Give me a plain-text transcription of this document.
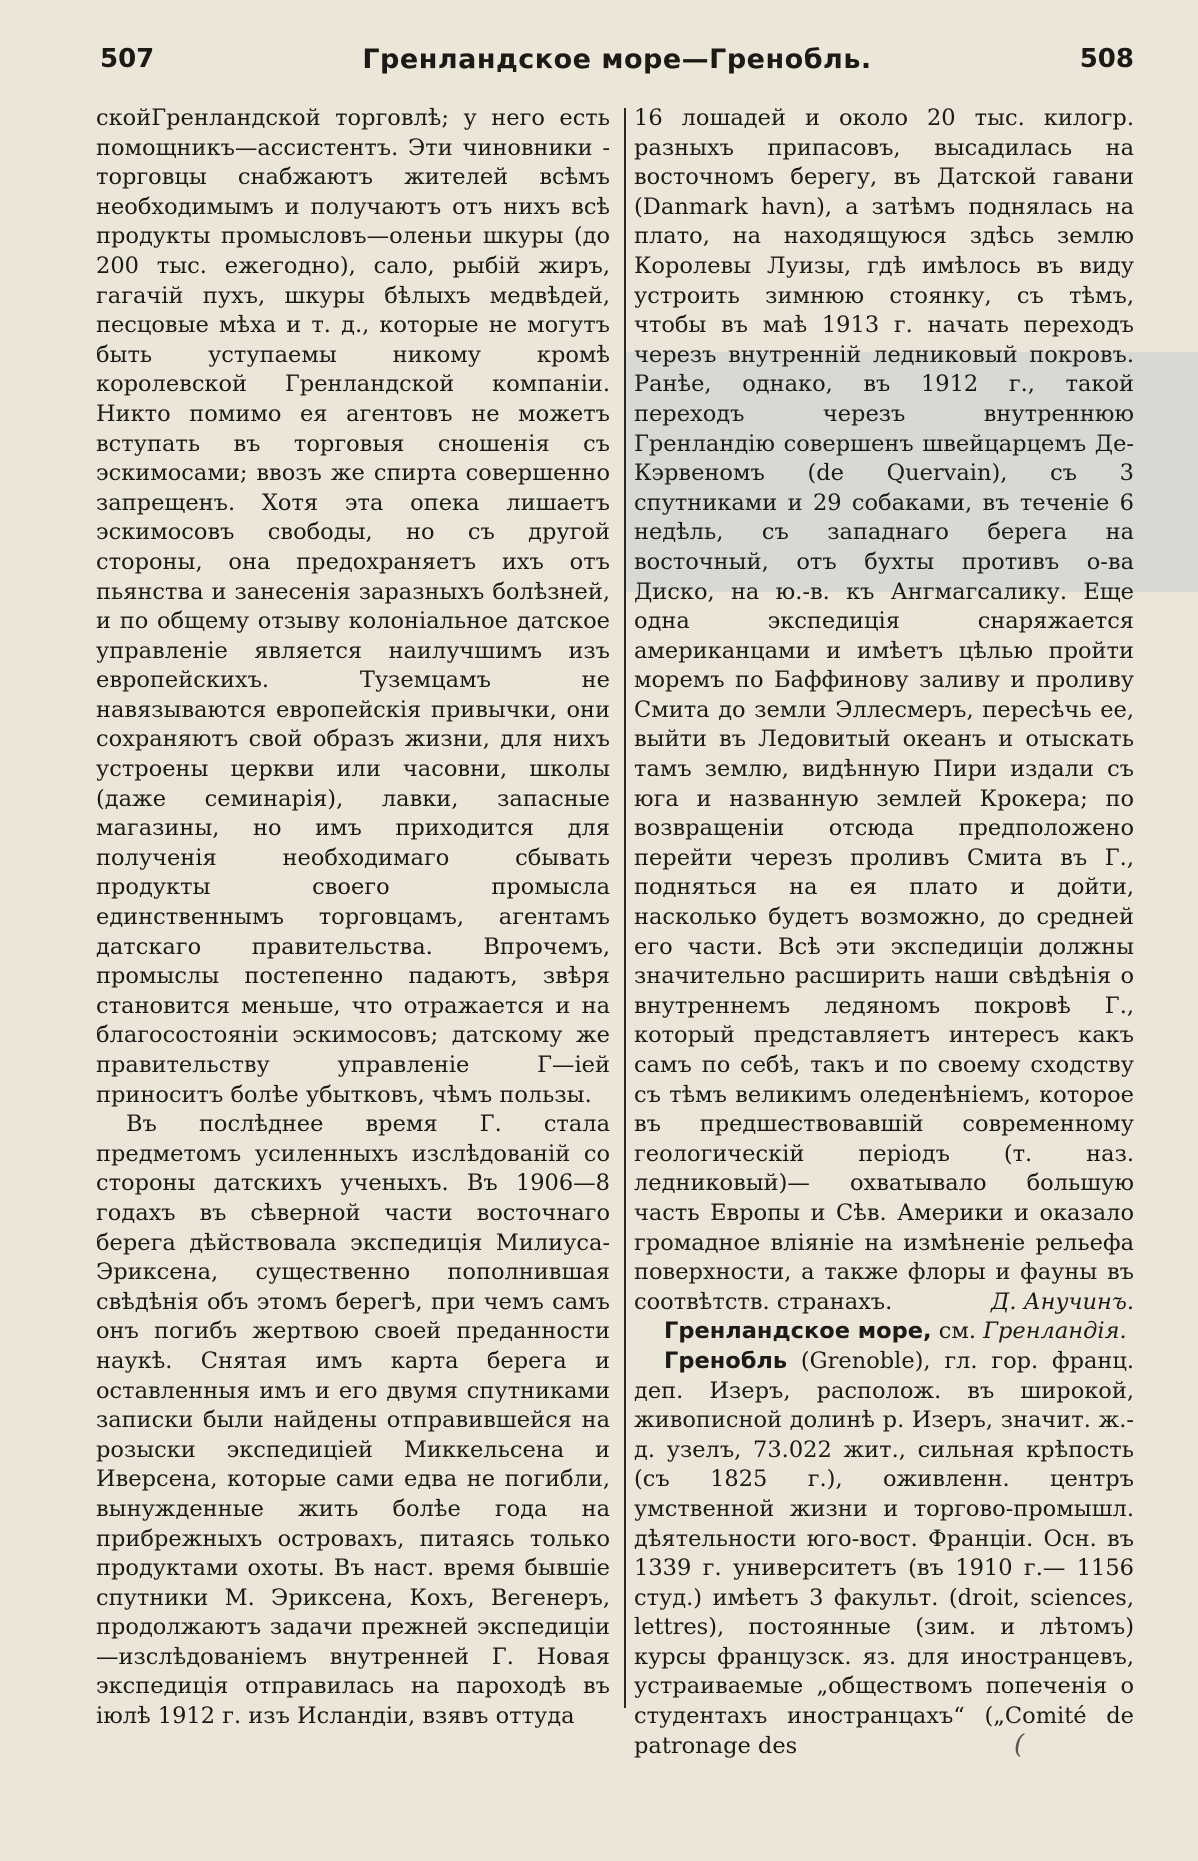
507	Гренландское море—Гренобль.	508

скойГренландской торговлѣ; у него есть помощникъ—ассистентъ. Эти чиновники - торговцы снабжаютъ жителей всѣмъ необходимымъ и получаютъ отъ нихъ всѣ продукты промысловъ—оленьи шкуры (до 200 тыс. ежегодно), сало, рыбій жиръ, гагачій пухъ, шкуры бѣлыхъ медвѣдей, песцовые мѣха и т. д., которые не могутъ быть уступаемы никому кромѣ королевской Гренландской компаніи. Никто помимо ея агентовъ не можетъ вступать въ торговыя сношенія съ эскимосами; ввозъ же спирта совершенно запрещенъ. Хотя эта опека лишаетъ эскимосовъ свободы, но съ другой стороны, она предохраняетъ ихъ отъ пьянства и занесенія заразныхъ болѣзней, и по общему отзыву колоніальное датское управленіе является наилучшимъ изъ европейскихъ. Туземцамъ не навязываются европейскія привычки, они сохраняютъ свой образъ жизни, для нихъ устроены церкви или часовни, школы (даже семинарія), лавки, запасные магазины, но имъ приходится для полученія необходимаго сбывать продукты своего промысла единственнымъ торговцамъ, агентамъ датскаго правительства. Впрочемъ, промыслы постепенно падаютъ, звѣря становится меньше, что отражается и на благосостояніи эскимосовъ; датскому же правительству управленіе Г—іей приноситъ болѣе убытковъ, чѣмъ пользы.

Въ послѣднее время Г. стала предметомъ усиленныхъ изслѣдованій со стороны датскихъ ученыхъ. Въ 1906—8 годахъ въ сѣверной части восточнаго берега дѣйствовала экспедиція Милиуса-Эриксена, существенно пополнившая свѣдѣнія объ этомъ берегѣ, при чемъ самъ онъ погибъ жертвою своей преданности наукѣ. Снятая имъ карта берега и оставленныя имъ и его двумя спутниками записки были найдены отправившейся на розыски экспедиціей Миккельсена и Иверсена, которые сами едва не погибли, вынужденные жить болѣе года на прибрежныхъ островахъ, питаясь только продуктами охоты. Въ наст. время бывшіе спутники М. Эриксена, Кохъ, Вегенеръ, продолжаютъ задачи прежней экспедиціи—изслѣдованіемъ внутренней Г. Новая экспедиція отправилась на пароходѣ въ іюлѣ 1912 г. изъ Исландіи, взявъ оттуда

16 лошадей и около 20 тыс. килогр. разныхъ припасовъ, высадилась на восточномъ берегу, въ Датской гавани (Danmark havn), а затѣмъ поднялась на плато, на находящуюся здѣсь землю Королевы Луизы, гдѣ имѣлось въ виду устроить зимнюю стоянку, съ тѣмъ, чтобы въ маѣ 1913 г. начать переходъ черезъ внутренній ледниковый покровъ. Ранѣе, однако, въ 1912 г., такой переходъ черезъ внутреннюю Гренландію совершенъ швейцарцемъ Де-Кэрвеномъ (de Quervain), съ 3 спутниками и 29 собаками, въ теченіе 6 недѣль, съ западнаго берега на восточный, отъ бухты противъ о-ва Диско, на ю.-в. къ Ангмагсалику. Еще одна экспедиція снаряжается американцами и имѣетъ цѣлью пройти моремъ по Баффинову заливу и проливу Смита до земли Эллесмеръ, пересѣчь ее, выйти въ Ледовитый океанъ и отыскать тамъ землю, видѣнную Пири издали съ юга и названную землей Крокера; по возвращеніи отсюда предположено перейти черезъ проливъ Смита въ Г., подняться на ея плато и дойти, насколько будетъ возможно, до средней его части. Всѣ эти экспедиціи должны значительно расширить наши свѣдѣнія о внутреннемъ ледяномъ покровѣ Г., который представляетъ интересъ какъ самъ по себѣ, такъ и по своему сходству съ тѣмъ великимъ оледенѣніемъ, которое въ предшествовавшій современному геологическій періодъ (т. наз. ледниковый)— охватывало большую часть Европы и Сѣв. Америки и оказало громадное вліяніе на измѣненіе рельефа поверхности, а также флоры и фауны въ соотвѣтств. странахъ.	Д. Анучинъ.

Гренландское море, см. Гренландія.

Гренобль (Grenoble), гл. гор. франц. деп. Изеръ, располож. въ широкой, живописной долинѣ р. Изеръ, значит. ж.-д. узелъ, 73.022 жит., сильная крѣпость (съ 1825 г.), оживленн. центръ умственной жизни и торгово-промышл. дѣятельности юго-вост. Франціи. Осн. въ 1339 г. университетъ (въ 1910 г.— 1156 студ.) имѣетъ 3 факульт. (droit, sciences, lettres), постоянные (зим. и лѣтомъ) курсы французск. яз. для иностранцевъ, устраиваемые „обществомъ попеченія о студентахъ иностранцахъ“ („Comité de patronage des	(
